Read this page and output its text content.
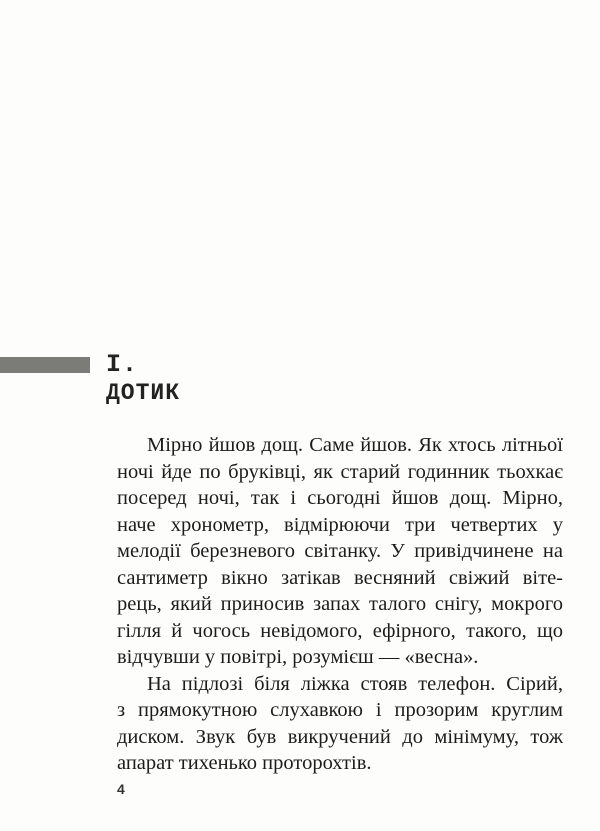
I.
ДОТИК
Мірно йшов дощ. Саме йшов. Як хтось літньої
ночі йде по бруківці, як старий годинник тьохкає
посеред ночі, так і сьогодні йшов дощ. Мірно,
наче хронометр, відмірюючи три четвертих у
мелодії березневого світанку. У привідчинене на
сантиметр вікно затікав весняний свіжий віте-
рець, який приносив запах талого снігу, мокрого
гілля й чогось невідомого, ефірного, такого, що
відчувши у повітрі, розумієш — «весна».
На підлозі біля ліжка стояв телефон. Сірий,
з прямокутною слухавкою і прозорим круглим
диском. Звук був викручений до мінімуму, тож
апарат тихенько проторохтів.
4
